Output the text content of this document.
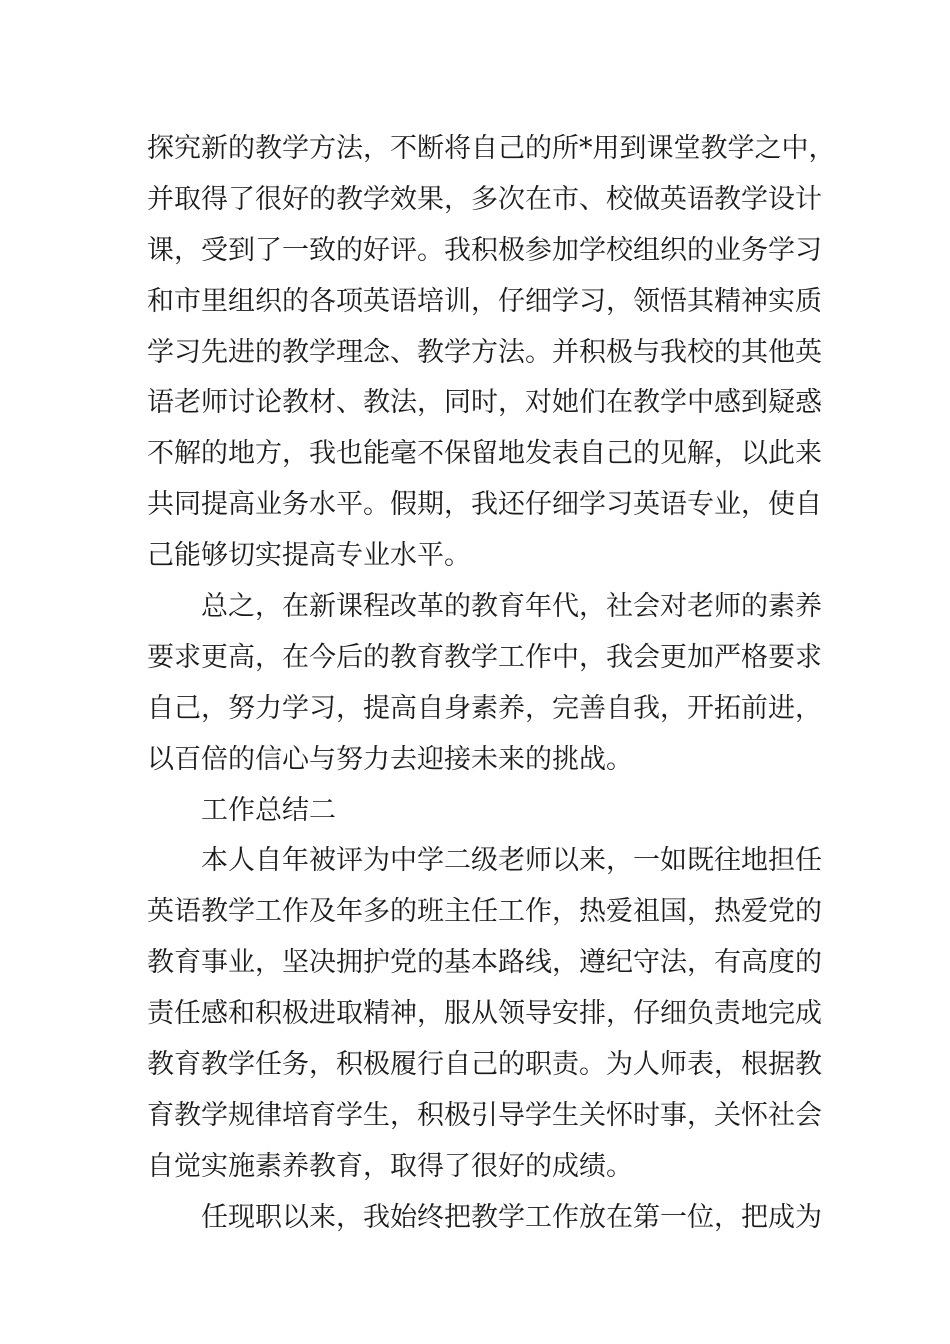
探究新的教学方法，不断将自己的所*用到课堂教学之中，
并取得了很好的教学效果，多次在市、校做英语教学设计
课，受到了一致的好评。我积极参加学校组织的业务学习
和市里组织的各项英语培训，仔细学习，领悟其精神实质
学习先进的教学理念、教学方法。并积极与我校的其他英
语老师讨论教材、教法，同时，对她们在教学中感到疑惑
不解的地方，我也能毫不保留地发表自己的见解，以此来
共同提高业务水平。假期，我还仔细学习英语专业，使自
己能够切实提高专业水平。
总之，在新课程改革的教育年代，社会对老师的素养
要求更高，在今后的教育教学工作中，我会更加严格要求
自己，努力学习，提高自身素养，完善自我，开拓前进，
以百倍的信心与努力去迎接未来的挑战。
工作总结二
本人自年被评为中学二级老师以来，一如既往地担任
英语教学工作及年多的班主任工作，热爱祖国，热爱党的
教育事业，坚决拥护党的基本路线，遵纪守法，有高度的
责任感和积极进取精神，服从领导安排，仔细负责地完成
教育教学任务，积极履行自己的职责。为人师表，根据教
育教学规律培育学生，积极引导学生关怀时事，关怀社会
自觉实施素养教育，取得了很好的成绩。
任现职以来，我始终把教学工作放在第一位，把成为
